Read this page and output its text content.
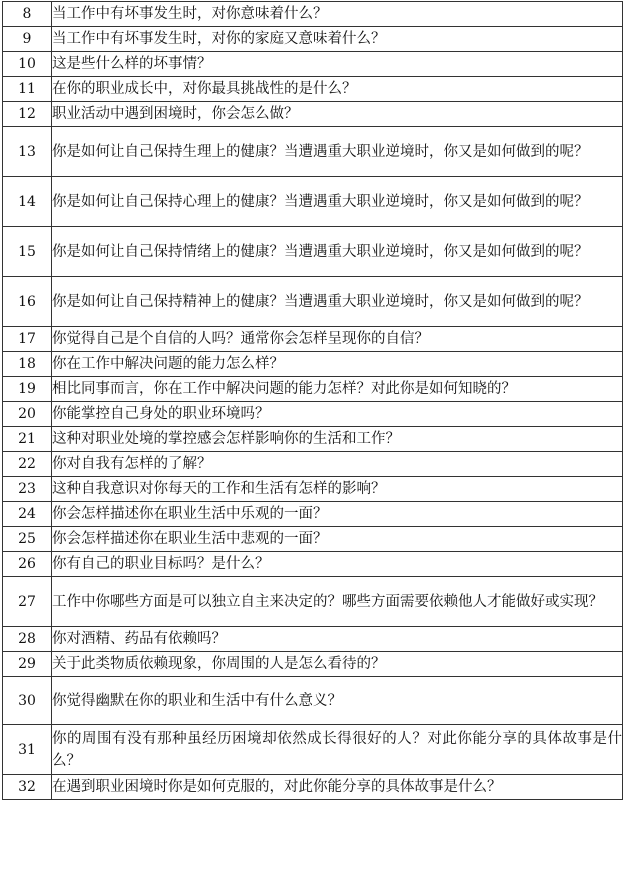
8	当工作中有坏事发生时，对你意味着什么？
9	当工作中有坏事发生时，对你的家庭又意味着什么？
10	这是些什么样的坏事情？
11	在你的职业成长中，对你最具挑战性的是什么？
12	职业活动中遇到困境时，你会怎么做？
13	你是如何让自己保持生理上的健康？当遭遇重大职业逆境时，你又是如何做到的呢？
14	你是如何让自己保持心理上的健康？当遭遇重大职业逆境时，你又是如何做到的呢？
15	你是如何让自己保持情绪上的健康？当遭遇重大职业逆境时，你又是如何做到的呢？
16	你是如何让自己保持精神上的健康？当遭遇重大职业逆境时，你又是如何做到的呢？
17	你觉得自己是个自信的人吗？通常你会怎样呈现你的自信？
18	你在工作中解决问题的能力怎么样？
19	相比同事而言，你在工作中解决问题的能力怎样？对此你是如何知晓的？
20	你能掌控自己身处的职业环境吗？
21	这种对职业处境的掌控感会怎样影响你的生活和工作？
22	你对自我有怎样的了解？
23	这种自我意识对你每天的工作和生活有怎样的影响？
24	你会怎样描述你在职业生活中乐观的一面？
25	你会怎样描述你在职业生活中悲观的一面？
26	你有自己的职业目标吗？是什么？
27	工作中你哪些方面是可以独立自主来决定的？哪些方面需要依赖他人才能做好或实现？
28	你对酒精、药品有依赖吗？
29	关于此类物质依赖现象，你周围的人是怎么看待的？
30	你觉得幽默在你的职业和生活中有什么意义？
31	你的周围有没有那种虽经历困境却依然成长得很好的人？对此你能分享的具体故事是什么？
32	在遇到职业困境时你是如何克服的，对此你能分享的具体故事是什么？
